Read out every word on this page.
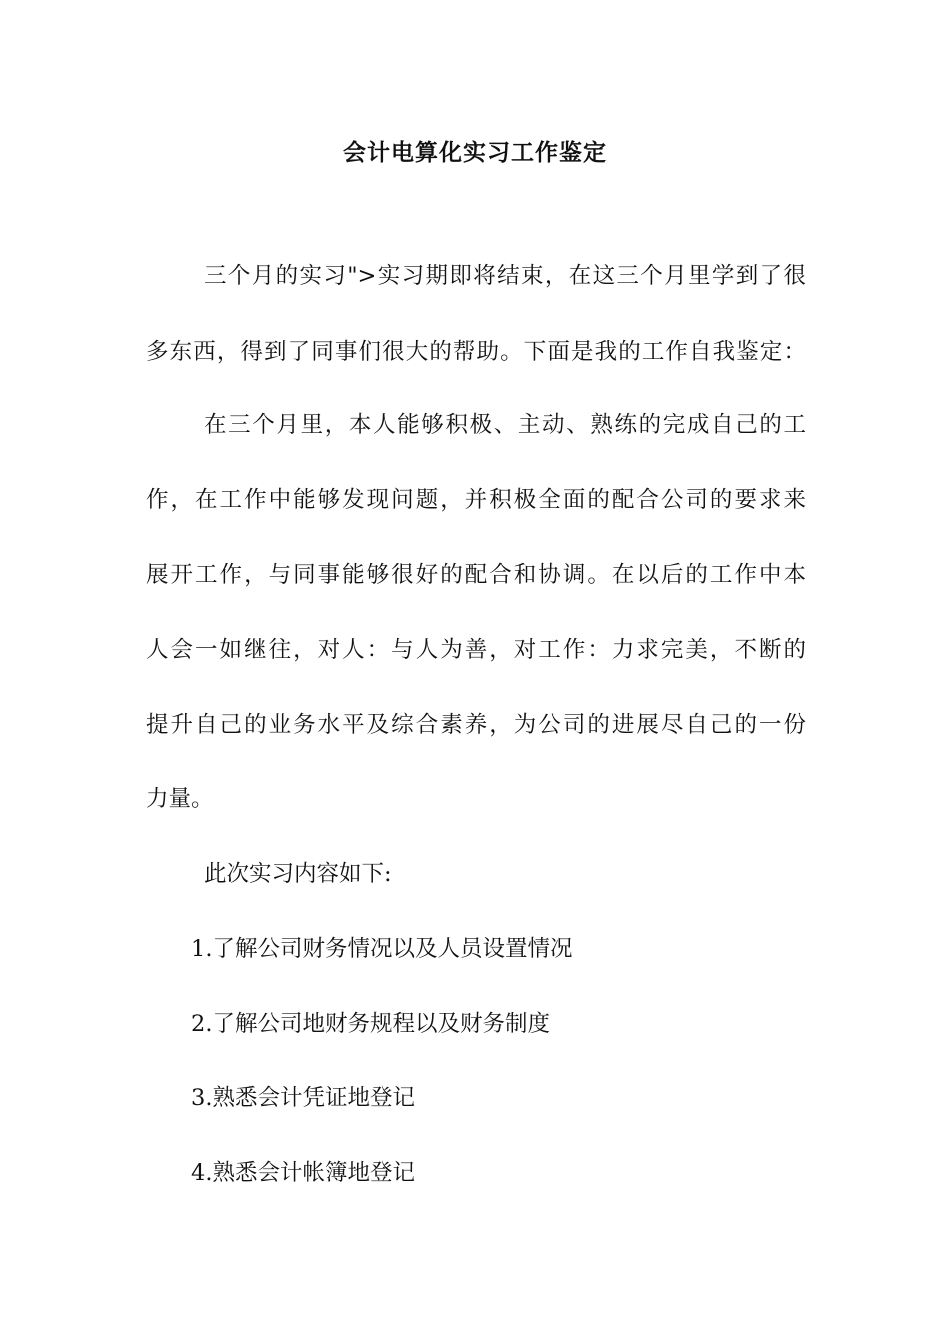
会计电算化实习工作鉴定
三个月的实习">实习期即将结束，在这三个月里学到了很
多东西，得到了同事们很大的帮助。下面是我的工作自我鉴定：
在三个月里，本人能够积极、主动、熟练的完成自己的工
作，在工作中能够发现问题，并积极全面的配合公司的要求来
展开工作，与同事能够很好的配合和协调。在以后的工作中本
人会一如继往，对人：与人为善，对工作：力求完美，不断的
提升自己的业务水平及综合素养，为公司的进展尽自己的一份
力量。
此次实习内容如下:
1.了解公司财务情况以及人员设置情况
2.了解公司地财务规程以及财务制度
3.熟悉会计凭证地登记
4.熟悉会计帐簿地登记
